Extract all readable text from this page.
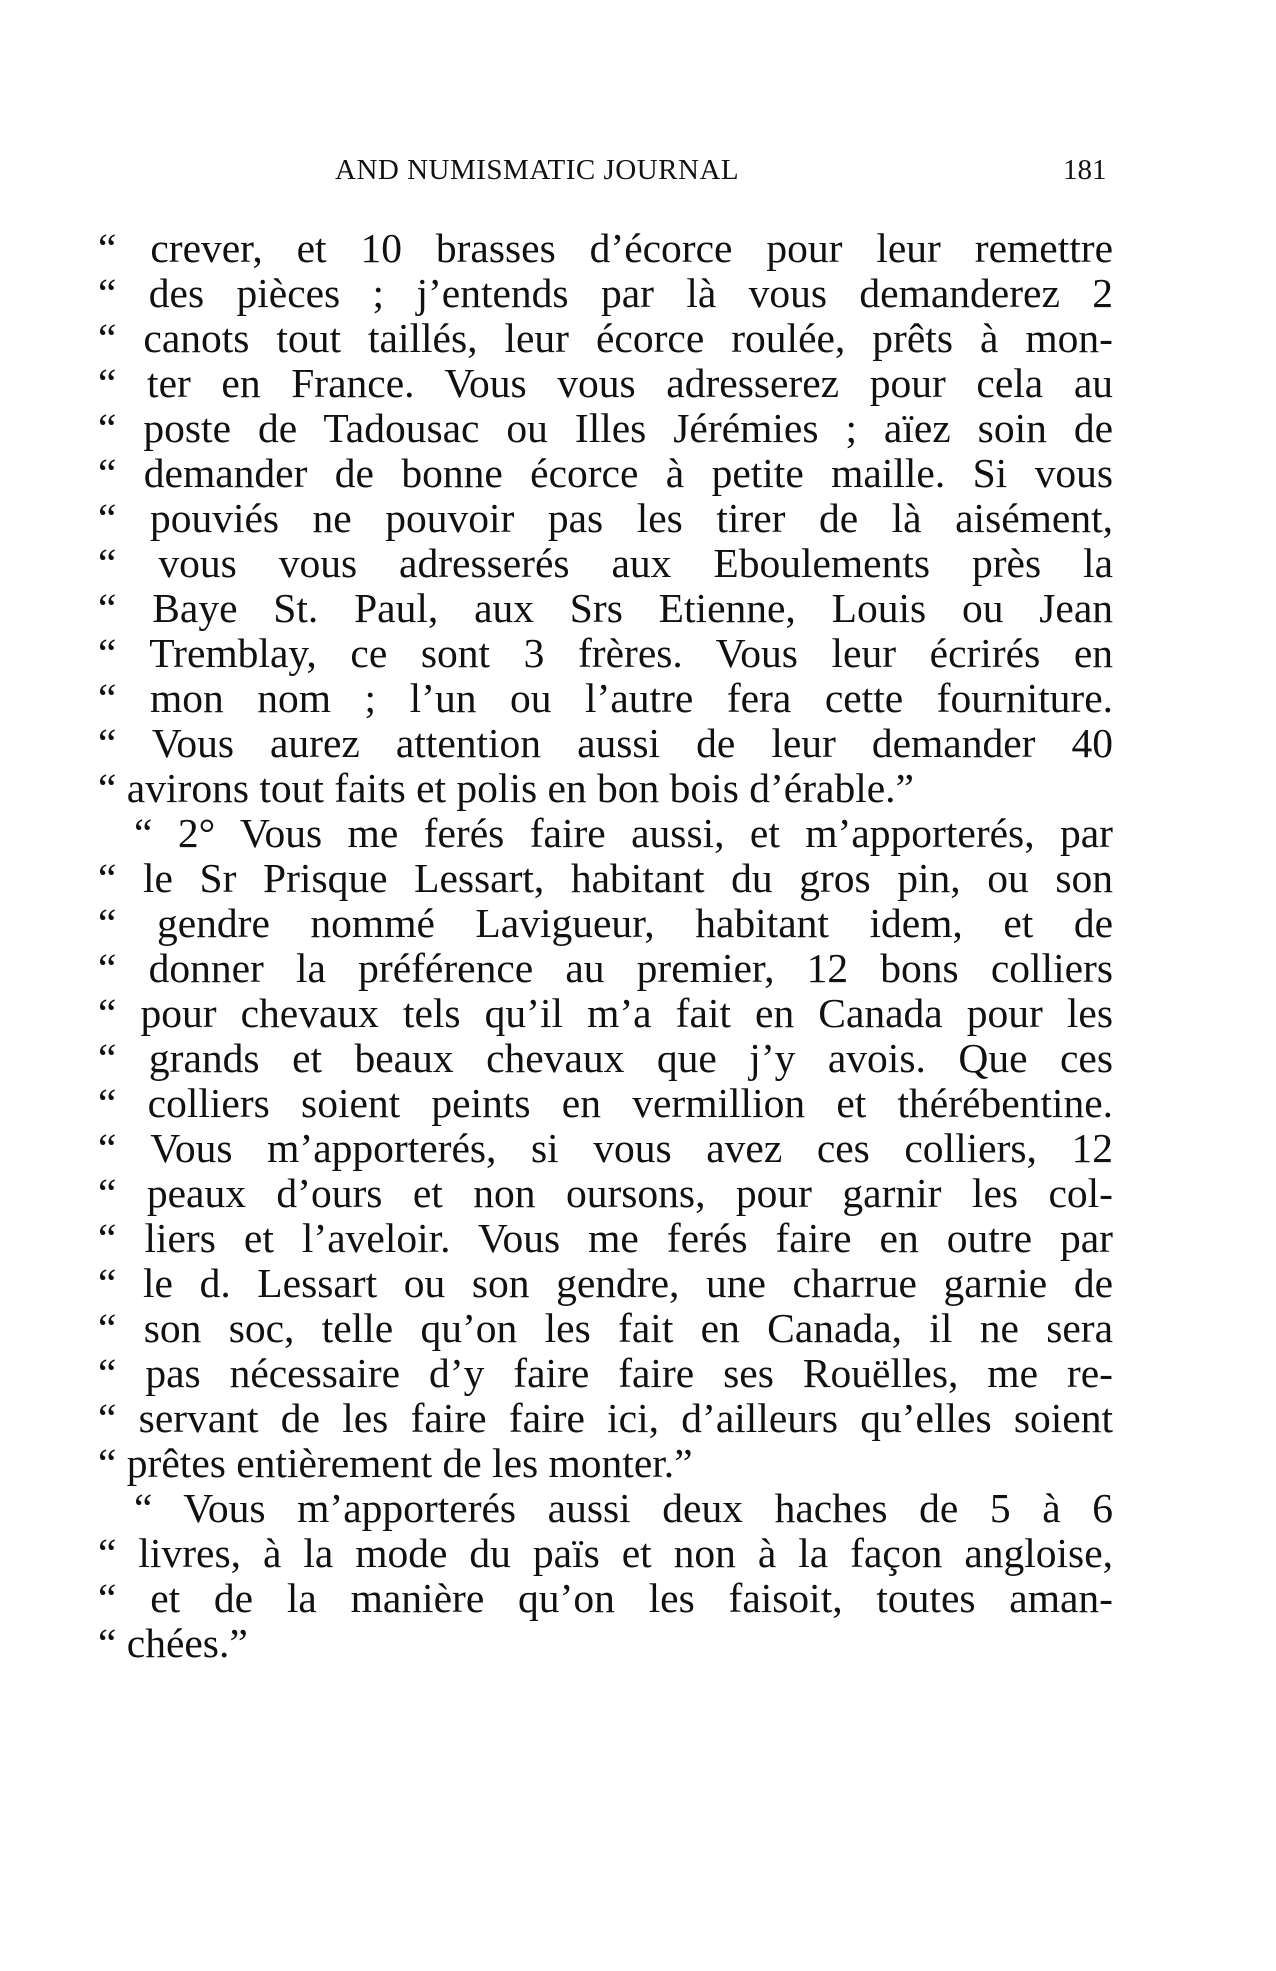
AND NUMISMATIC JOURNAL	181
“ crever, et 10 brasses d’écorce pour leur remettre
“ des pièces ; j’entends par là vous demanderez 2
“ canots tout taillés, leur écorce roulée, prêts à mon-
“ ter en France. Vous vous adresserez pour cela au
“ poste de Tadousac ou Illes Jérémies ; aïez soin de
“ demander de bonne écorce à petite maille. Si vous
“ pouviés ne pouvoir pas les tirer de là aisément,
“ vous vous adresserés aux Eboulements près la
“ Baye St. Paul, aux Srs Etienne, Louis ou Jean
“ Tremblay, ce sont 3 frères. Vous leur écrirés en
“ mon nom ; l’un ou l’autre fera cette fourniture.
“ Vous aurez attention aussi de leur demander 40
“ avirons tout faits et polis en bon bois d’érable.”
“ 2° Vous me ferés faire aussi, et m’apporterés, par
“ le Sr Prisque Lessart, habitant du gros pin, ou son
“ gendre nommé Lavigueur, habitant idem, et de
“ donner la préférence au premier, 12 bons colliers
“ pour chevaux tels qu’il m’a fait en Canada pour les
“ grands et beaux chevaux que j’y avois. Que ces
“ colliers soient peints en vermillion et thérébentine.
“ Vous m’apporterés, si vous avez ces colliers, 12
“ peaux d’ours et non oursons, pour garnir les col-
“ liers et l’aveloir. Vous me ferés faire en outre par
“ le d. Lessart ou son gendre, une charrue garnie de
“ son soc, telle qu’on les fait en Canada, il ne sera
“ pas nécessaire d’y faire faire ses Rouëlles, me re-
“ servant de les faire faire ici, d’ailleurs qu’elles soient
“ prêtes entièrement de les monter.”
“ Vous m’apporterés aussi deux haches de 5 à 6
“ livres, à la mode du païs et non à la façon angloise,
“ et de la manière qu’on les faisoit, toutes aman-
“ chées.”
